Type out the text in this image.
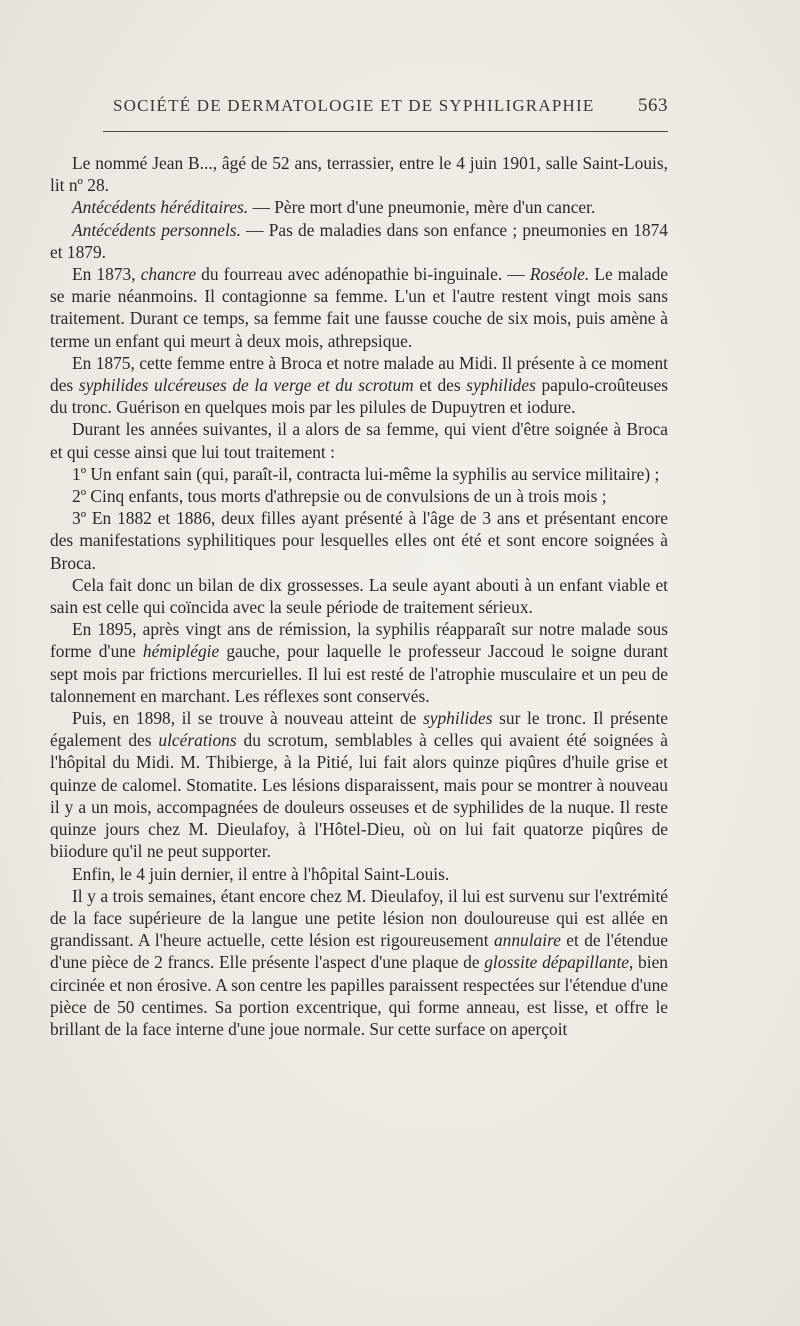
SOCIÉTÉ DE DERMATOLOGIE ET DE SYPHILIGRAPHIE 563

Le nommé Jean B..., âgé de 52 ans, terrassier, entre le 4 juin 1901, salle Saint-Louis, lit nº 28.

Antécédents héréditaires. — Père mort d'une pneumonie, mère d'un cancer.

Antécédents personnels. — Pas de maladies dans son enfance ; pneumonies en 1874 et 1879.

En 1873, chancre du fourreau avec adénopathie bi-inguinale. — Roséole. Le malade se marie néanmoins. Il contagionne sa femme. L'un et l'autre restent vingt mois sans traitement. Durant ce temps, sa femme fait une fausse couche de six mois, puis amène à terme un enfant qui meurt à deux mois, athrepsique.

En 1875, cette femme entre à Broca et notre malade au Midi. Il présente à ce moment des syphilides ulcéreuses de la verge et du scrotum et des syphilides papulo-croûteuses du tronc. Guérison en quelques mois par les pilules de Dupuytren et iodure.

Durant les années suivantes, il a alors de sa femme, qui vient d'être soignée à Broca et qui cesse ainsi que lui tout traitement :

1º Un enfant sain (qui, paraît-il, contracta lui-même la syphilis au service militaire) ;

2º Cinq enfants, tous morts d'athrepsie ou de convulsions de un à trois mois ;

3º En 1882 et 1886, deux filles ayant présenté à l'âge de 3 ans et présentant encore des manifestations syphilitiques pour lesquelles elles ont été et sont encore soignées à Broca.

Cela fait donc un bilan de dix grossesses. La seule ayant abouti à un enfant viable et sain est celle qui coïncida avec la seule période de traitement sérieux.

En 1895, après vingt ans de rémission, la syphilis réapparaît sur notre malade sous forme d'une hémiplégie gauche, pour laquelle le professeur Jaccoud le soigne durant sept mois par frictions mercurielles. Il lui est resté de l'atrophie musculaire et un peu de talonnement en marchant. Les réflexes sont conservés.

Puis, en 1898, il se trouve à nouveau atteint de syphilides sur le tronc. Il présente également des ulcérations du scrotum, semblables à celles qui avaient été soignées à l'hôpital du Midi. M. Thibierge, à la Pitié, lui fait alors quinze piqûres d'huile grise et quinze de calomel. Stomatite. Les lésions disparaissent, mais pour se montrer à nouveau il y a un mois, accompagnées de douleurs osseuses et de syphilides de la nuque. Il reste quinze jours chez M. Dieulafoy, à l'Hôtel-Dieu, où on lui fait quatorze piqûres de biiodure qu'il ne peut supporter.

Enfin, le 4 juin dernier, il entre à l'hôpital Saint-Louis.

Il y a trois semaines, étant encore chez M. Dieulafoy, il lui est survenu sur l'extrémité de la face supérieure de la langue une petite lésion non douloureuse qui est allée en grandissant. A l'heure actuelle, cette lésion est rigoureusement annulaire et de l'étendue d'une pièce de 2 francs. Elle présente l'aspect d'une plaque de glossite dépapillante, bien circinée et non érosive. A son centre les papilles paraissent respectées sur l'étendue d'une pièce de 50 centimes. Sa portion excentrique, qui forme anneau, est lisse, et offre le brillant de la face interne d'une joue normale. Sur cette surface on aperçoit
